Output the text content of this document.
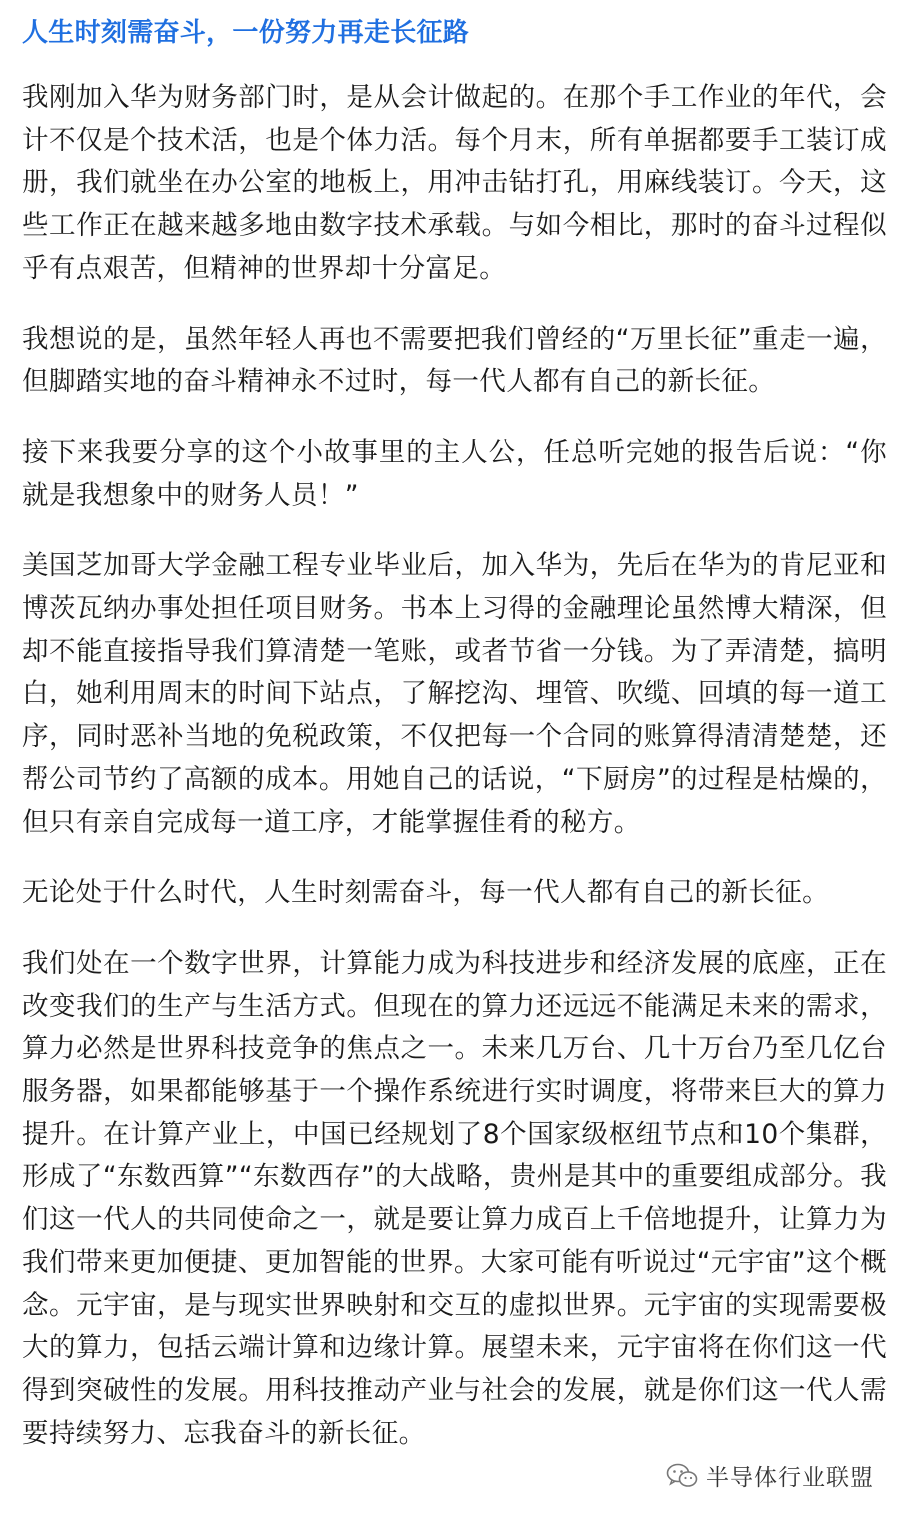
人生时刻需奋斗，一份努力再走长征路

我刚加入华为财务部门时，是从会计做起的。在那个手工作业的年代，会计不仅是个技术活，也是个体力活。每个月末，所有单据都要手工装订成册，我们就坐在办公室的地板上，用冲击钻打孔，用麻线装订。今天，这些工作正在越来越多地由数字技术承载。与如今相比，那时的奋斗过程似乎有点艰苦，但精神的世界却十分富足。

我想说的是，虽然年轻人再也不需要把我们曾经的“万里长征”重走一遍，但脚踏实地的奋斗精神永不过时，每一代人都有自己的新长征。

接下来我要分享的这个小故事里的主人公，任总听完她的报告后说：“你就是我想象中的财务人员！”

美国芝加哥大学金融工程专业毕业后，加入华为，先后在华为的肯尼亚和博茨瓦纳办事处担任项目财务。书本上习得的金融理论虽然博大精深，但却不能直接指导我们算清楚一笔账，或者节省一分钱。为了弄清楚，搞明白，她利用周末的时间下站点，了解挖沟、埋管、吹缆、回填的每一道工序，同时恶补当地的免税政策，不仅把每一个合同的账算得清清楚楚，还帮公司节约了高额的成本。用她自己的话说，“下厨房”的过程是枯燥的，但只有亲自完成每一道工序，才能掌握佳肴的秘方。

无论处于什么时代，人生时刻需奋斗，每一代人都有自己的新长征。

我们处在一个数字世界，计算能力成为科技进步和经济发展的底座，正在改变我们的生产与生活方式。但现在的算力还远远不能满足未来的需求，算力必然是世界科技竞争的焦点之一。未来几万台、几十万台乃至几亿台服务器，如果都能够基于一个操作系统进行实时调度，将带来巨大的算力提升。在计算产业上，中国已经规划了8个国家级枢纽节点和10个集群，形成了“东数西算”“东数西存”的大战略，贵州是其中的重要组成部分。我们这一代人的共同使命之一，就是要让算力成百上千倍地提升，让算力为我们带来更加便捷、更加智能的世界。大家可能有听说过“元宇宙”这个概念。元宇宙，是与现实世界映射和交互的虚拟世界。元宇宙的实现需要极大的算力，包括云端计算和边缘计算。展望未来，元宇宙将在你们这一代得到突破性的发展。用科技推动产业与社会的发展，就是你们这一代人需要持续努力、忘我奋斗的新长征。

半导体行业联盟
